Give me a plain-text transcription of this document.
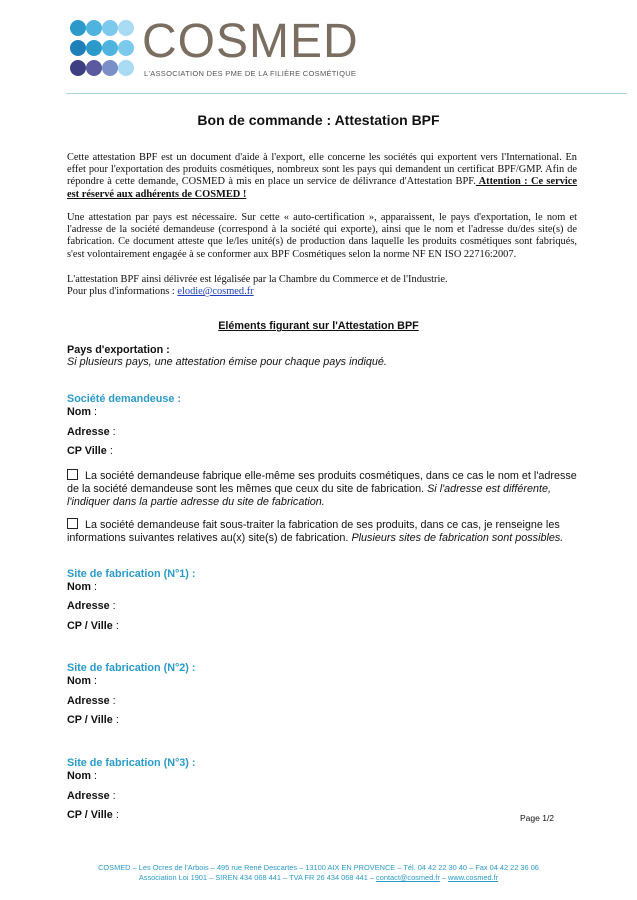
COSMED
L'ASSOCIATION DES PME DE LA FILIÈRE COSMÉTIQUE
Bon de commande : Attestation BPF
Cette attestation BPF est un document d'aide à l'export, elle concerne les sociétés qui exportent vers l'International. En effet pour l'exportation des produits cosmétiques, nombreux sont les pays qui demandent un certificat BPF/GMP. Afin de répondre à cette demande, COSMED à mis en place un service de délivrance d'Attestation BPF. Attention : Ce service est réservé aux adhérents de COSMED !
Une attestation par pays est nécessaire. Sur cette « auto-certification », apparaissent, le pays d'exportation, le nom et l'adresse de la société demandeuse (correspond à la société qui exporte), ainsi que le nom et l'adresse du/des site(s) de fabrication. Ce document atteste que le/les unité(s) de production dans laquelle les produits cosmétiques sont fabriqués, s'est volontairement engagée à se conformer aux BPF Cosmétiques selon la norme NF EN ISO 22716:2007.
L'attestation BPF ainsi délivrée est légalisée par la Chambre du Commerce et de l'Industrie.
Pour plus d'informations : elodie@cosmed.fr
Eléments figurant sur l'Attestation BPF
Pays d'exportation :
Si plusieurs pays, une attestation émise pour chaque pays indiqué.
Société demandeuse :
Nom :
Adresse :
CP Ville :
La société demandeuse fabrique elle-même ses produits cosmétiques, dans ce cas le nom et l'adresse de la société demandeuse sont les mêmes que ceux du site de fabrication. Si l'adresse est différente, l'indiquer dans la partie adresse du site de fabrication.
La société demandeuse fait sous-traiter la fabrication de ses produits, dans ce cas, je renseigne les informations suivantes relatives au(x) site(s) de fabrication. Plusieurs sites de fabrication sont possibles.
Site de fabrication (N°1) :
Nom :
Adresse :
CP / Ville :
Site de fabrication (N°2) :
Nom :
Adresse :
CP / Ville :
Site de fabrication (N°3) :
Nom :
Adresse :
CP / Ville :	Page 1/2
COSMED – Les Ocres de l'Arbois – 495 rue René Descartes – 13100 AIX EN PROVENCE – Tél. 04 42 22 30 40 – Fax 04 42 22 36 06
Association Loi 1901 – SIREN 434 068 441 – TVA FR 26 434 068 441 – contact@cosmed.fr – www.cosmed.fr
